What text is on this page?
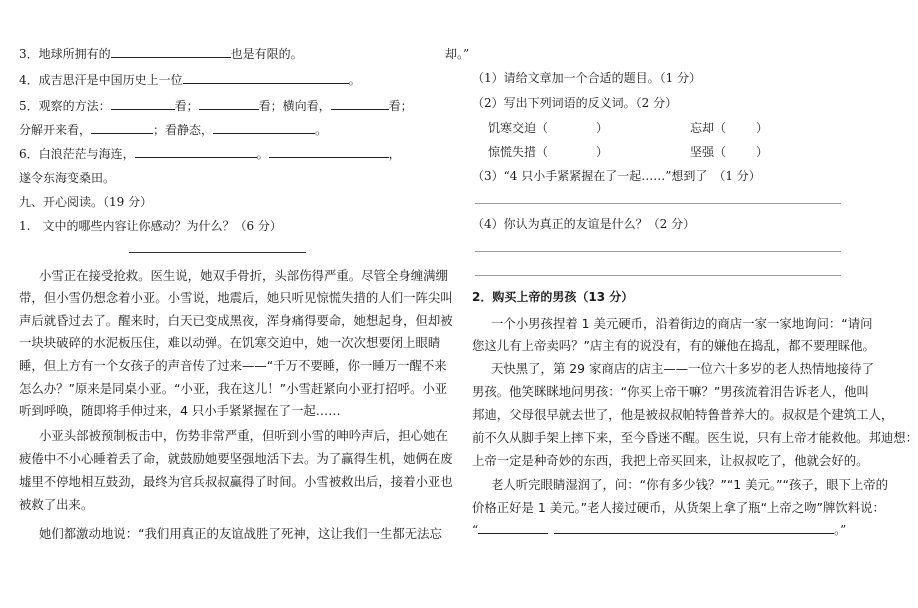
3．地球所拥有的	也是有限的。
4．成吉思汗是中国历史上一位	。
5．观察的方法：	看；	看；横向看，	看；
分解开来看，	；看静态，	。
6．白浪茫茫与海连，	。	，
遂令东海变桑田。
九、开心阅读。（19 分）
1.　文中的哪些内容让你感动？为什么？（6 分）
小雪正在接受抢救。医生说，她双手骨折，头部伤得严重。尽管全身缠满绷
带，但小雪仍想念着小亚。小雪说，地震后，她只听见惊慌失措的人们一阵尖叫
声后就昏过去了。醒来时，白天已变成黑夜，浑身痛得要命，她想起身，但却被
一块块破碎的水泥板压住，难以动弹。在饥寒交迫中，她一次次想要闭上眼睛
睡，但上方有一个女孩子的声音传了过来——“千万不要睡，你一睡万一醒不来
怎么办？”原来是同桌小亚。“小亚，我在这儿！”小雪赶紧向小亚打招呼。小亚
听到呼唤，随即将手伸过来，4 只小手紧紧握在了一起……
小亚头部被预制板击中，伤势非常严重，但听到小雪的呻吟声后，担心她在
疲倦中不小心睡着丢了命，就鼓励她要坚强地活下去。为了赢得生机，她俩在废
墟里不停地相互鼓劲，最终为官兵叔叔赢得了时间。小雪被救出后，接着小亚也
被救了出来。
她们都激动地说：“我们用真正的友谊战胜了死神，这让我们一生都无法忘
却。”
（1）请给文章加一个合适的题目。（1 分）
（2）写出下列词语的反义词。（2 分）
饥寒交迫（	）	忘却（	）
惊慌失措（	）	坚强（	）
（3）“4 只小手紧紧握在了一起……”想到了　（1 分）
（4）你认为真正的友谊是什么？（2 分）
2．购买上帝的男孩（13 分）
一个小男孩捏着 1 美元硬币，沿着街边的商店一家一家地询问：“请问
您这儿有上帝卖吗？”店主有的说没有，有的嫌他在捣乱，都不要理睬他。
天快黑了，第 29 家商店的店主——一位六十多岁的老人热情地接待了
男孩。他笑眯眯地问男孩：“你买上帝干嘛？”男孩流着泪告诉老人，他叫
邦迪，父母很早就去世了，他是被叔叔帕特鲁普养大的。叔叔是个建筑工人，
前不久从脚手架上摔下来，至今昏迷不醒。医生说，只有上帝才能救他。邦迪想：
上帝一定是种奇妙的东西，我把上帝买回来，让叔叔吃了，他就会好的。
老人听完眼睛湿润了，问：“你有多少钱？”“1 美元。”“孩子，眼下上帝的
价格正好是 1 美元。”老人接过硬币，从货架上拿了瓶“上帝之吻”牌饮料说：
“	。”
